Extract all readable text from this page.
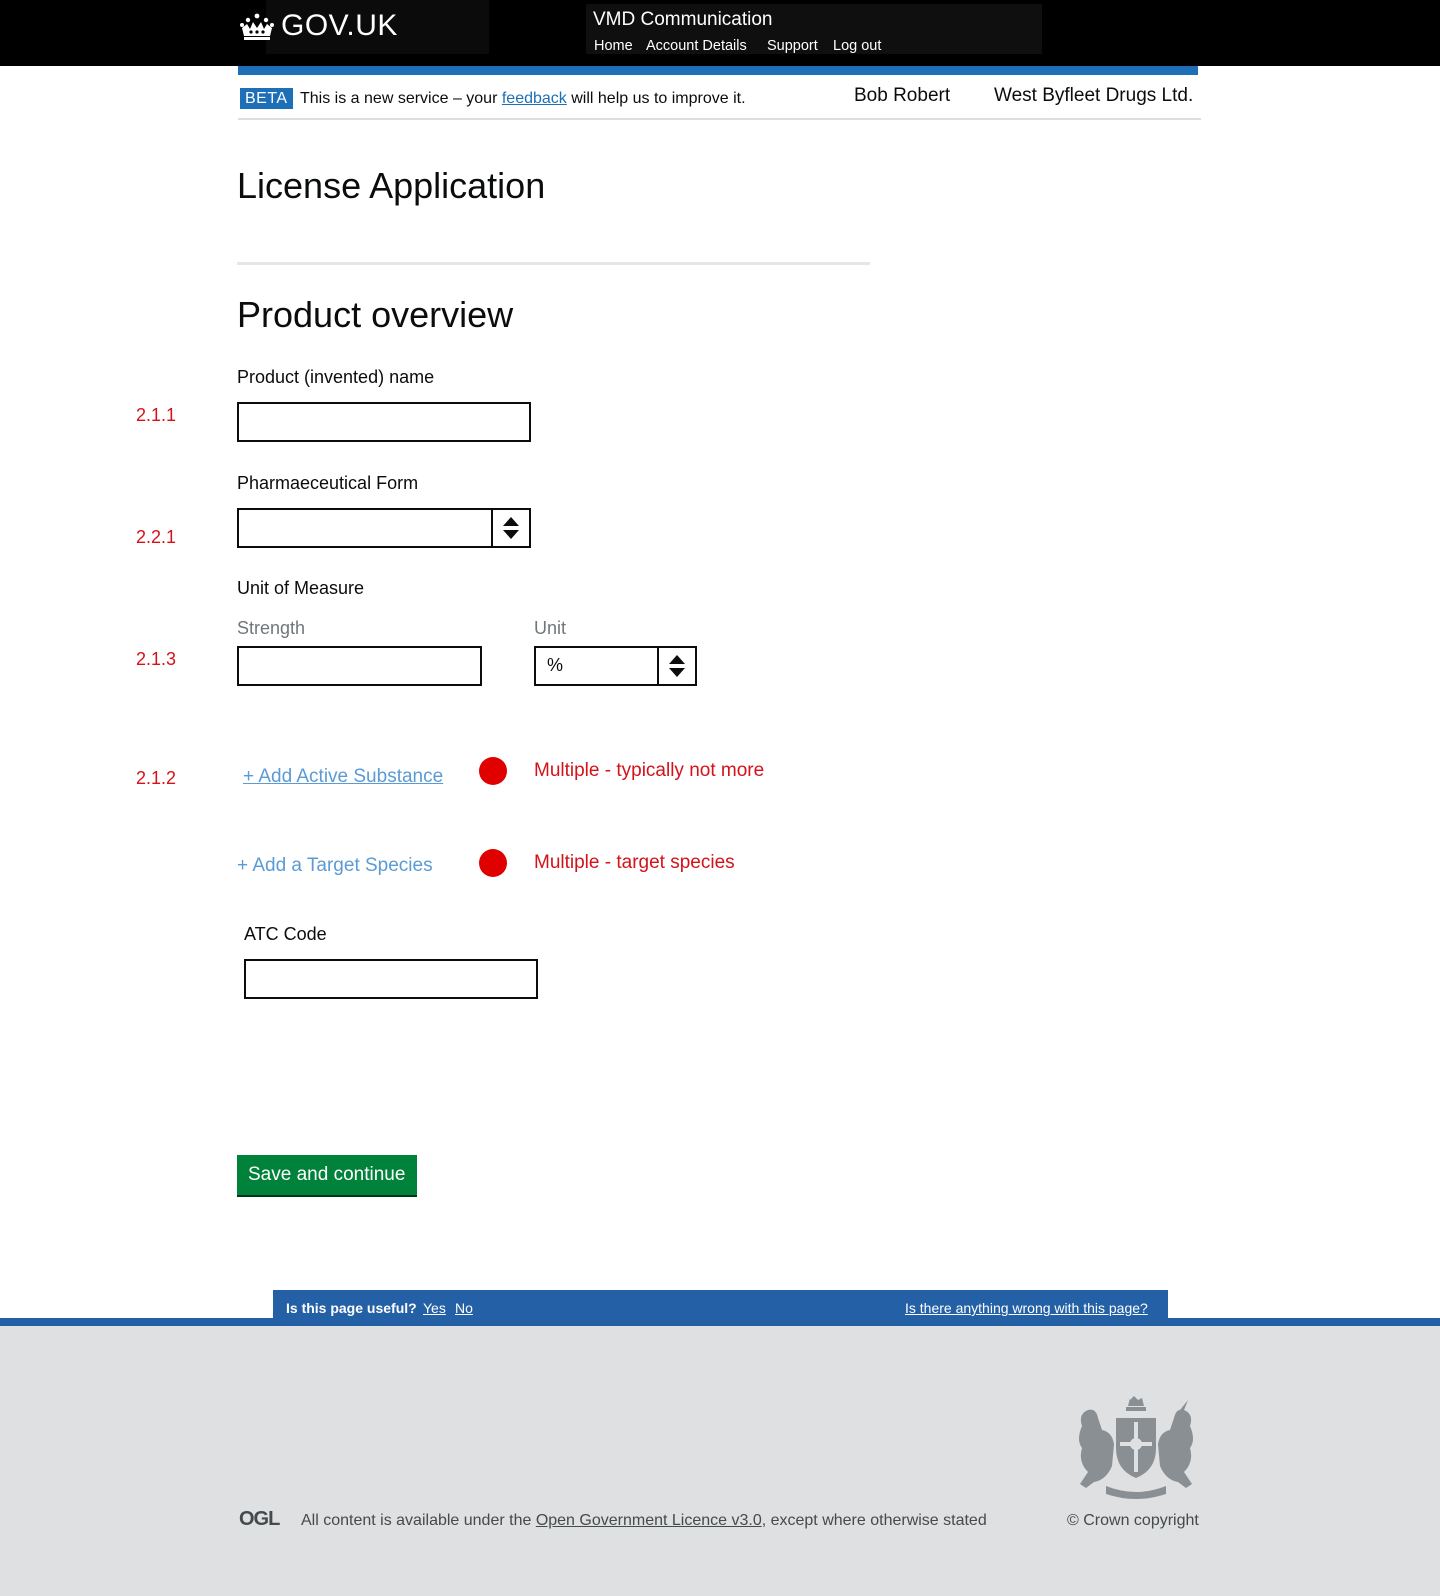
GOV.UK	VMD Communication
Home Account Details Support Log out
BETA This is a new service – your feedback will help us to improve it.	Bob Robert West Byfleet Drugs Ltd.
License Application
Product overview
Product (invented) name
2.1.1
Pharmaeceutical Form
2.2.1
Unit of Measure
Strength	Unit
2.1.3	%
2.1.2	+ Add Active Substance	Multiple - typically not more
+ Add a Target Species	Multiple - target species
ATC Code
Save and continue
Is this page useful? Yes No	Is there anything wrong with this page?
OGL All content is available under the Open Government Licence v3.0, except where otherwise stated	© Crown copyright
